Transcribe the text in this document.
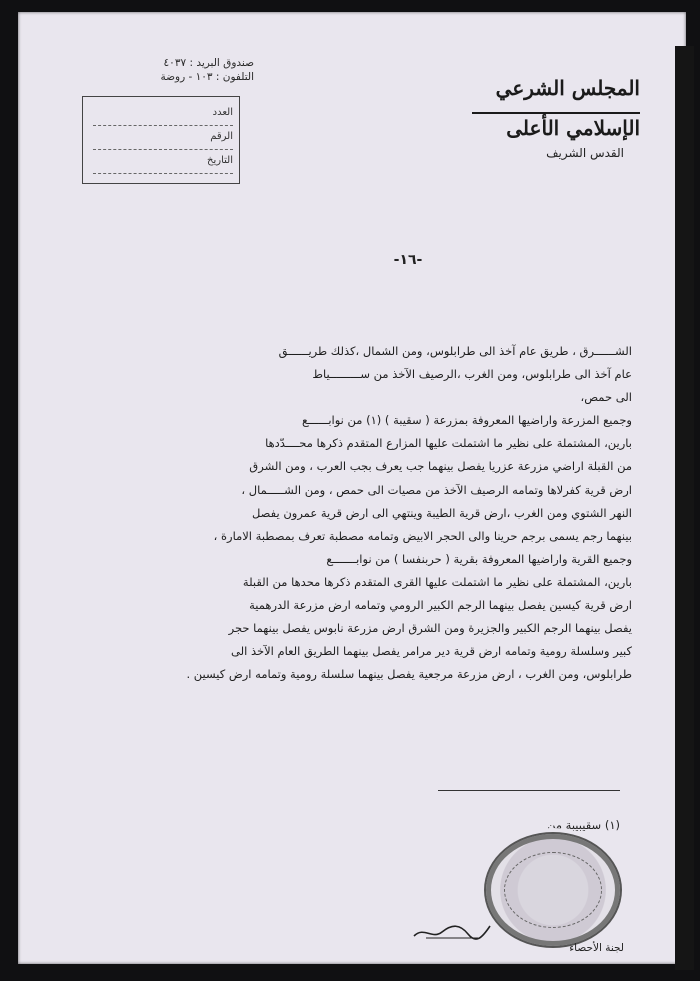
صندوق البريد : ٤٠٣٧
التلفون : ١٠٣ - روضة
العدد
الرقم
التاريخ
المجلس الشرعي الإسلامي الأعلى
القدس الشريف
-١٦-

الشــــــرق ، طريق عام آخذ الى طرابلوس، ومن الشمال ،كذلك طريــــــق

عام آخذ الى طرابلوس، ومن الغرب ،الرصيف الآخذ من ســـــــــياط

الى حمص،

وجميع المزرعة واراضيها المعروفة بمزرعة ( سقيبة ) (١) من نوابــــــع

بارين، المشتملة على نظير ما اشتملت عليها المزارع المتقدم ذكرها محــــدّدها

من القبلة اراضي مزرعة عزريا يفصل بينهما جب يعرف بجب العرب ، ومن الشرق

ارض قرية كفرلاها وتمامه الرصيف الآخذ من مصيات الى حمص ، ومن الشـــــمال ،

النهر الشتوي ومن الغرب ،ارض قرية الطيبة وينتهي الى ارض قرية عمرون يفصل

بينهما رجم يسمى برجم حرينا والى الحجر الابيض وتمامه مصطبة تعرف بمصطبة الامارة ،

وجميع القرية واراضيها المعروفة بقرية ( حربنفسا ) من نوابـــــــع

بارين، المشتملة على نظير ما اشتملت عليها القرى المتقدم ذكرها محدها من القبلة

ارض قرية كيسين يفصل بينهما الرجم الكبير الرومي وتمامه ارض مزرعة الدرهمية

يفصل بينهما الرجم الكبير والجزيرة ومن الشرق ارض مزرعة نابوس يفصل بينهما حجر

كبير وسلسلة رومية وتمامه ارض قرية دير مرامر يفصل بينهما الطريق العام الآخذ الى

طرابلوس، ومن الغرب ، ارض مزرعة مرجعية يفصل بينهما سلسلة رومية وتمامه ارض كيسين .

(١) سقيبيبة من
لجنة الأحصاء
